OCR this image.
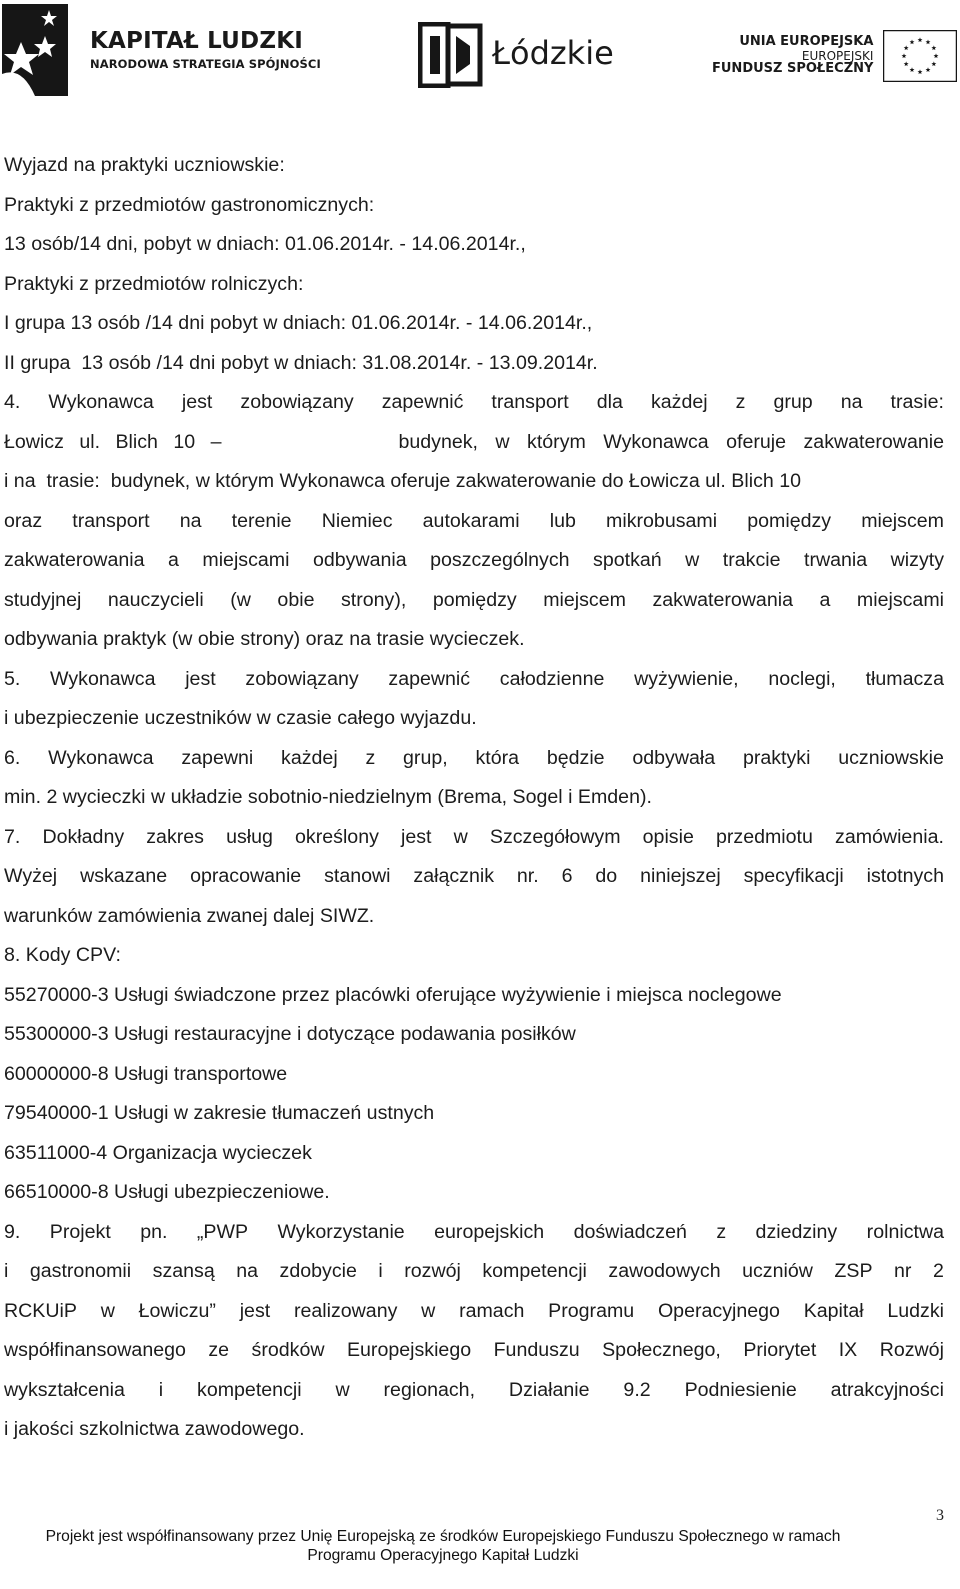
KAPITAŁ LUDZKI
NARODOWA STRATEGIA SPÓJNOŚCI	Łódzkie	UNIA EUROPEJSKA
EUROPEJSKI
FUNDUSZ SPOŁECZNY
Wyjazd na praktyki uczniowskie:
Praktyki z przedmiotów gastronomicznych:
13 osób/14 dni, pobyt w dniach: 01.06.2014r. - 14.06.2014r.,
Praktyki z przedmiotów rolniczych:
I grupa 13 osób /14 dni pobyt w dniach: 01.06.2014r. - 14.06.2014r.,
II grupa  13 osób /14 dni pobyt w dniach: 31.08.2014r. - 13.09.2014r.
4. Wykonawca jest zobowiązany zapewnić transport dla każdej z grup na trasie:
Łowicz ul. Blich 10 –	budynek, w którym Wykonawca oferuje zakwaterowanie
i na  trasie:  budynek, w którym Wykonawca oferuje zakwaterowanie do Łowicza ul. Blich 10
oraz transport na terenie Niemiec autokarami lub mikrobusami pomiędzy miejscem
zakwaterowania a miejscami odbywania poszczególnych spotkań w trakcie trwania wizyty
studyjnej nauczycieli (w obie strony), pomiędzy miejscem zakwaterowania a miejscami
odbywania praktyk (w obie strony) oraz na trasie wycieczek.
5. Wykonawca jest zobowiązany zapewnić całodzienne wyżywienie, noclegi, tłumacza
i ubezpieczenie uczestników w czasie całego wyjazdu.
6. Wykonawca zapewni każdej z grup, która będzie odbywała praktyki uczniowskie
min. 2 wycieczki w układzie sobotnio-niedzielnym (Brema, Sogel i Emden).
7. Dokładny zakres usług określony jest w Szczegółowym opisie przedmiotu zamówienia.
Wyżej wskazane opracowanie stanowi załącznik nr. 6 do niniejszej specyfikacji istotnych
warunków zamówienia zwanej dalej SIWZ.
8. Kody CPV:
55270000-3 Usługi świadczone przez placówki oferujące wyżywienie i miejsca noclegowe
55300000-3 Usługi restauracyjne i dotyczące podawania posiłków
60000000-8 Usługi transportowe
79540000-1 Usługi w zakresie tłumaczeń ustnych
63511000-4 Organizacja wycieczek
66510000-8 Usługi ubezpieczeniowe.
9. Projekt pn. „PWP Wykorzystanie europejskich doświadczeń z dziedziny rolnictwa
i gastronomii szansą na zdobycie i rozwój kompetencji zawodowych uczniów ZSP nr 2
RCKUiP w Łowiczu” jest realizowany w ramach Programu Operacyjnego Kapitał Ludzki
współfinansowanego ze środków Europejskiego Funduszu Społecznego, Priorytet IX Rozwój
wykształcenia i kompetencji w regionach, Działanie 9.2 Podniesienie atrakcyjności
i jakości szkolnictwa zawodowego.
3
Projekt jest współfinansowany przez Unię Europejską ze środków Europejskiego Funduszu Społecznego w ramach
Programu Operacyjnego Kapitał Ludzki
